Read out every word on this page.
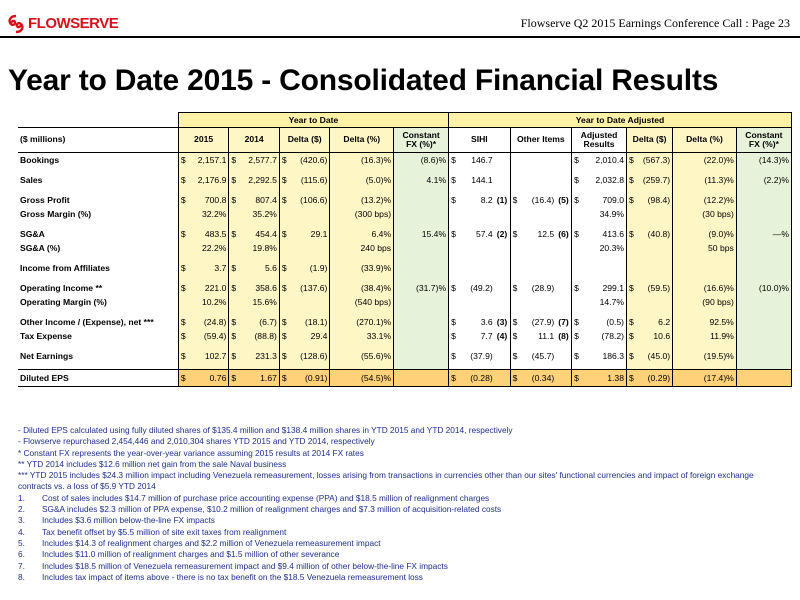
FLOWSERVE	Flowserve Q2 2015 Earnings Conference Call : Page 23
Year to Date 2015 - Consolidated Financial Results
	Year to Date								Year to Date Adjusted											
($ millions)	2015		2014		Delta ($)		Delta (%)	Constant FX (%)*	SIHI			Other Items			Adjusted Results		Delta ($)		Delta (%)	Constant FX (%)*
Bookings	$	2,157.1	$	2,577.7	$	(420.6)	(16.3)%	(8.6)%	$	146.7					$	2,010.4	$	(567.3)	(22.0)%	(14.3)%

Sales	$	2,176.9	$	2,292.5	$	(115.6)	(5.0)%	4.1%	$	144.1					$	2,032.8	$	(259.7)	(11.3)%	(2.2)%

Gross Profit	$	700.8	$	807.4	$	(106.6)	(13.2)%		$	8.2	(1)	$	(16.4)	(5)	$	709.0	$	(98.4)	(12.2)%	
Gross Margin (%)		32.2%		35.2%			(300 bps)									34.9%			(30 bps)	

SG&A	$	483.5	$	454.4	$	29.1	6.4%	15.4%	$	57.4	(2)	$	12.5	(6)	$	413.6	$	(40.8)	(9.0)%	—%
SG&A (%)		22.2%		19.8%			240 bps									20.3%			50 bps	

Income from Affiliates	$	3.7	$	5.6	$	(1.9)	(33.9)%													

Operating Income **	$	221.0	$	358.6	$	(137.6)	(38.4)%	(31.7)%	$	(49.2)		$	(28.9)		$	299.1	$	(59.5)	(16.6)%	(10.0)%
Operating Margin (%)		10.2%		15.6%			(540 bps)									14.7%			(90 bps)	

Other Income / (Expense), net ***	$	(24.8)	$	(6.7)	$	(18.1)	(270.1)%		$	3.6	(3)	$	(27.9)	(7)	$	(0.5)	$	6.2	92.5%	
Tax Expense	$	(59.4)	$	(88.8)	$	29.4	33.1%		$	7.7	(4)	$	11.1	(8)	$	(78.2)	$	10.6	11.9%	

Net Earnings	$	102.7	$	231.3	$	(128.6)	(55.6)%		$	(37.9)		$	(45.7)		$	186.3	$	(45.0)	(19.5)%	

Diluted EPS	$	0.76	$	1.67	$	(0.91)	(54.5)%		$	(0.28)		$	(0.34)		$	1.38	$	(0.29)	(17.4)%	
- Diluted EPS calculated using fully diluted shares of $135.4 million and $138.4 million shares in YTD 2015 and YTD 2014, respectively
- Flowserve repurchased 2,454,446 and 2,010,304 shares YTD 2015 and YTD 2014, respectively
* Constant FX represents the year-over-year variance assuming 2015 results at 2014 FX rates
** YTD 2014 includes $12.6 million net gain from the sale Naval business
*** YTD 2015 includes $24.3 million impact including Venezuela remeasurement, losses arising from transactions in currencies other than our sites' functional currencies and impact of foreign exchange contracts vs. a loss of $5.9 YTD 2014
1. Cost of sales includes $14.7 million of purchase price accounting expense (PPA) and $18.5 million of realignment charges
2. SG&A includes $2.3 million of PPA expense, $10.2 million of realignment charges and $7.3 million of acquisition-related costs
3. Includes $3.6 million below-the-line FX impacts
4. Tax benefit offset by $5.5 million of site exit taxes from realignment
5. Includes $14.3 of realignment charges and $2.2 million of Venezuela remeasurement impact
6. Includes $11.0 million of realignment charges and $1.5 million of other severance
7. Includes $18.5 million of Venezuela remeasurement impact and $9.4 million of other below-the-line FX impacts
8. Includes tax impact of items above - there is no tax benefit on the $18.5 Venezuela remeasurement loss
